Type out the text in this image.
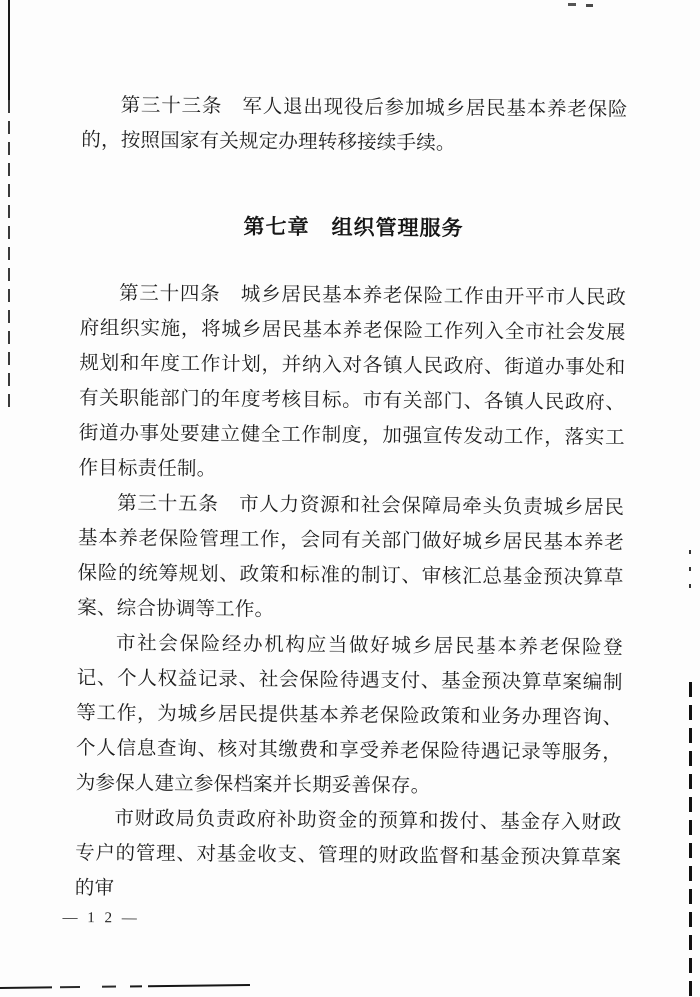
第三十三条　军人退出现役后参加城乡居民基本养老保险的，按照国家有关规定办理转移接续手续。

第七章　组织管理服务

第三十四条　城乡居民基本养老保险工作由开平市人民政府组织实施，将城乡居民基本养老保险工作列入全市社会发展规划和年度工作计划，并纳入对各镇人民政府、街道办事处和有关职能部门的年度考核目标。市有关部门、各镇人民政府、街道办事处要建立健全工作制度，加强宣传发动工作，落实工作目标责任制。

第三十五条　市人力资源和社会保障局牵头负责城乡居民基本养老保险管理工作，会同有关部门做好城乡居民基本养老保险的统筹规划、政策和标准的制订、审核汇总基金预决算草案、综合协调等工作。

市社会保险经办机构应当做好城乡居民基本养老保险登记、个人权益记录、社会保险待遇支付、基金预决算草案编制等工作，为城乡居民提供基本养老保险政策和业务办理咨询、个人信息查询、核对其缴费和享受养老保险待遇记录等服务，为参保人建立参保档案并长期妥善保存。

市财政局负责政府补助资金的预算和拨付、基金存入财政专户的管理、对基金收支、管理的财政监督和基金预决算草案的审

— 1 2 —
